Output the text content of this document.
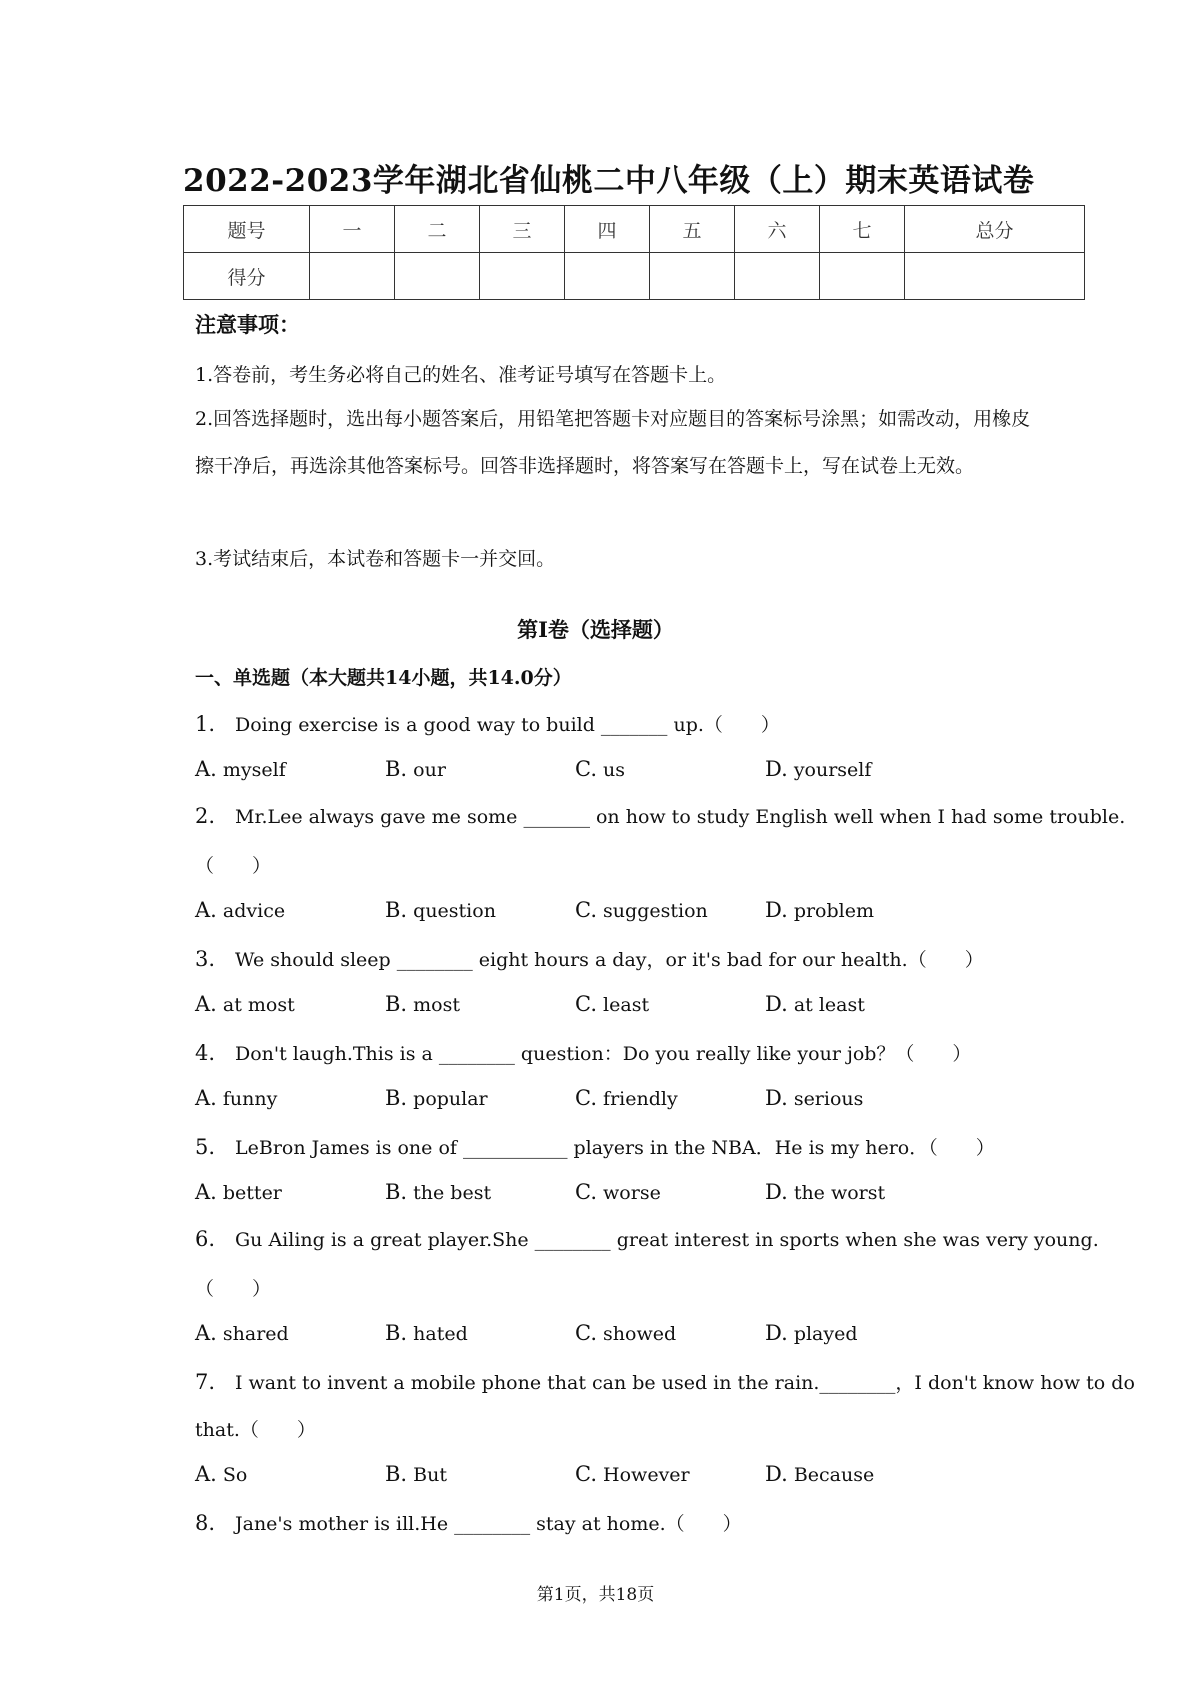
2022-2023学年湖北省仙桃二中八年级（上）期末英语试卷
题号	一	二	三	四	五	六	七	总分
得分								
注意事项：
1.答卷前，考生务必将自己的姓名、准考证号填写在答题卡上。
2.回答选择题时，选出每小题答案后，用铅笔把答题卡对应题目的答案标号涂黑；如需改动，用橡皮擦干净后，再选涂其他答案标号。回答非选择题时，将答案写在答题卡上，写在试卷上无效。
3.考试结束后，本试卷和答题卡一并交回。
第Ⅰ卷（选择题）
一、单选题（本大题共14小题，共14.0分）
1. Doing exercise is a good way to build _______ up.（　　）
A. myself	B. our	C. us	D. yourself
2. Mr.Lee always gave me some _______ on how to study English well when I had some trouble.
（　　）
A. advice	B. question	C. suggestion	D. problem
3. We should sleep ________ eight hours a day，or it's bad for our health.（　　）
A. at most	B. most	C. least	D. at least
4. Don't laugh.This is a ________ question：Do you really like your job？（　　）
A. funny	B. popular	C. friendly	D. serious
5. LeBron James is one of ___________ players in the NBA．He is my hero．（　　）
A. better	B. the best	C. worse	D. the worst
6. Gu Ailing is a great player.She ________ great interest in sports when she was very young.
（　　）
A. shared	B. hated	C. showed	D. played
7. I want to invent a mobile phone that can be used in the rain.________，I don't know how to do
that.（　　）
A. So	B. But	C. However	D. Because
8. Jane's mother is ill.He ________ stay at home.（　　）
第1页，共18页
